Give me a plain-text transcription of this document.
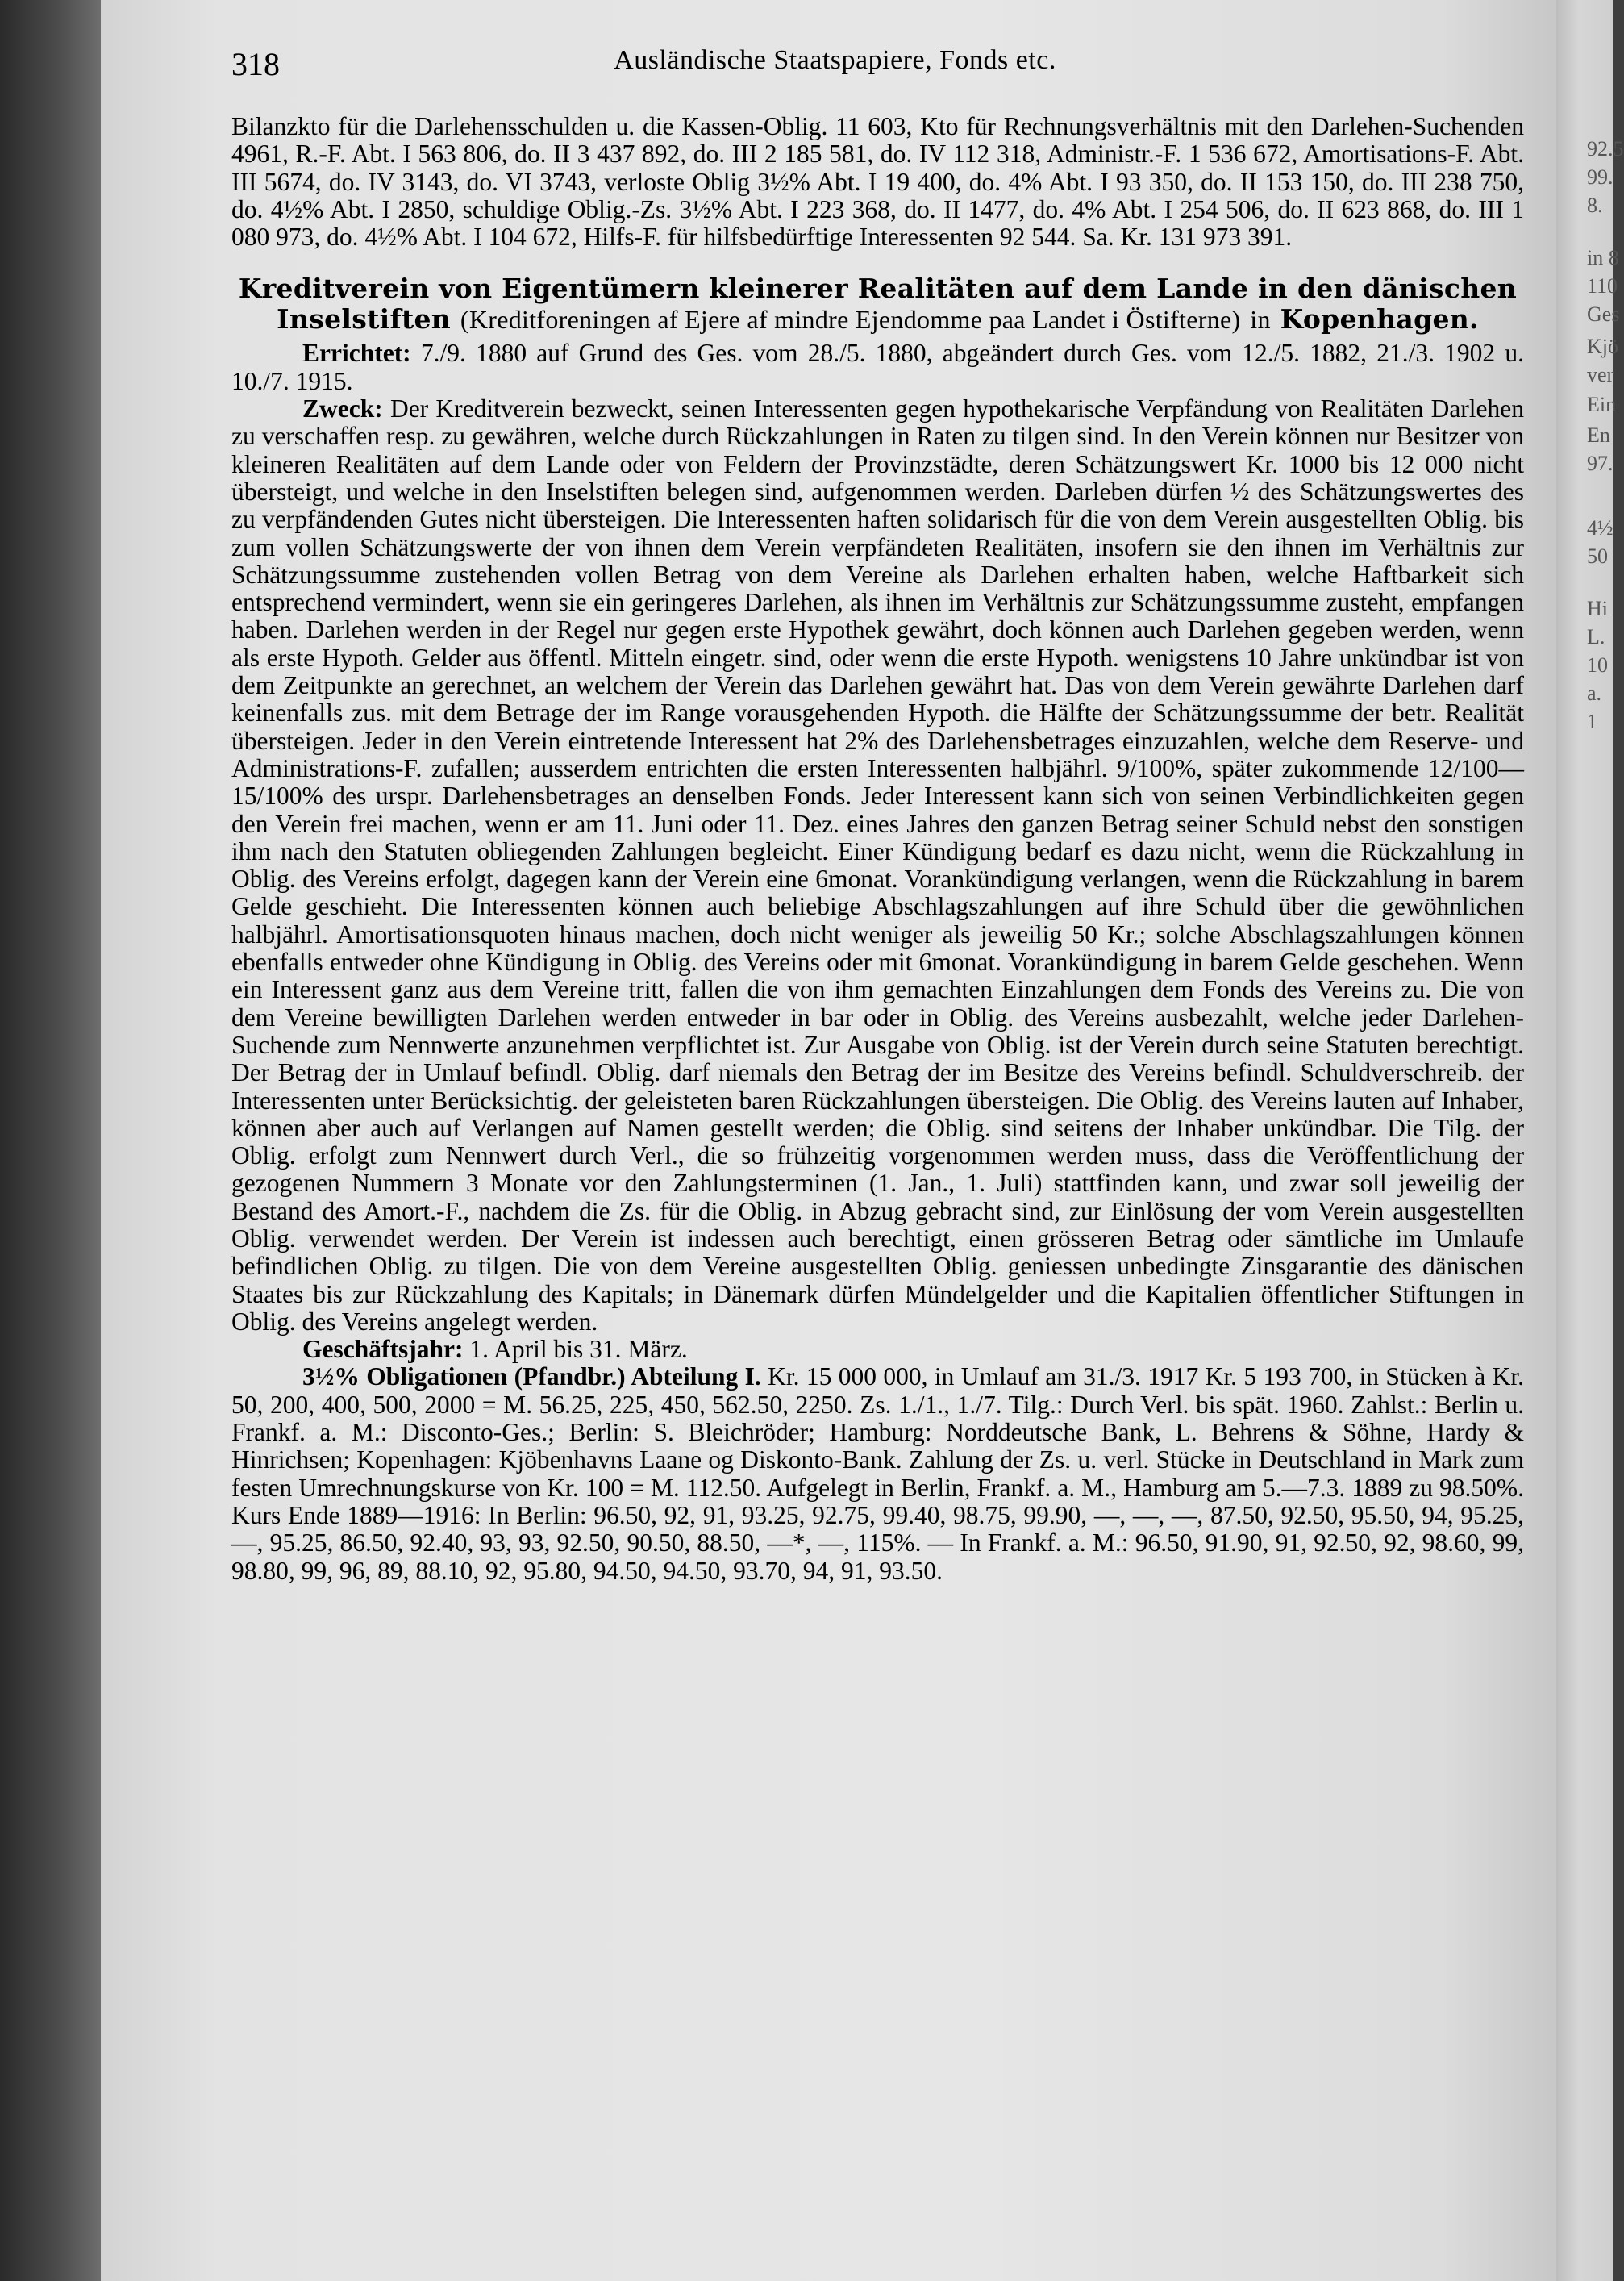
92.5
99.
8.
in 8
110
Ges
Kjö
ver
Ein
En
97.
4½
50
Hi
L.
10
a.
1
318	Ausländische Staatspapiere, Fonds etc.

Bilanzkto für die Darlehensschulden u. die Kassen-Oblig. 11 603, Kto für Rechnungsverhältnis mit den Darlehen-Suchenden 4961, R.-F. Abt. I 563 806, do. II 3 437 892, do. III 2 185 581, do. IV 112 318, Administr.-F. 1 536 672, Amortisations-F. Abt. III 5674, do. IV 3143, do. VI 3743, verloste Oblig 3½% Abt. I 19 400, do. 4% Abt. I 93 350, do. II 153 150, do. III 238 750, do. 4½% Abt. I 2850, schuldige Oblig.-Zs. 3½% Abt. I 223 368, do. II 1477, do. 4% Abt. I 254 506, do. II 623 868, do. III 1 080 973, do. 4½% Abt. I 104 672, Hilfs-F. für hilfsbedürftige Interessenten 92 544. Sa. Kr. 131 973 391.

Kreditverein von Eigentümern kleinerer Realitäten auf dem Lande in den dänischen Inselstiften (Kreditforeningen af Ejere af mindre Ejendomme paa Landet i Östifterne) in Kopenhagen.

Errichtet: 7./9. 1880 auf Grund des Ges. vom 28./5. 1880, abgeändert durch Ges. vom 12./5. 1882, 21./3. 1902 u. 10./7. 1915.

Zweck: Der Kreditverein bezweckt, seinen Interessenten gegen hypothekarische Verpfändung von Realitäten Darlehen zu verschaffen resp. zu gewähren, welche durch Rückzahlungen in Raten zu tilgen sind. In den Verein können nur Besitzer von kleineren Realitäten auf dem Lande oder von Feldern der Provinzstädte, deren Schätzungswert Kr. 1000 bis 12 000 nicht übersteigt, und welche in den Inselstiften belegen sind, aufgenommen werden. Darleben dürfen ½ des Schätzungswertes des zu verpfändenden Gutes nicht übersteigen. Die Interessenten haften solidarisch für die von dem Verein ausgestellten Oblig. bis zum vollen Schätzungswerte der von ihnen dem Verein verpfändeten Realitäten, insofern sie den ihnen im Verhältnis zur Schätzungssumme zustehenden vollen Betrag von dem Vereine als Darlehen erhalten haben, welche Haftbarkeit sich entsprechend vermindert, wenn sie ein geringeres Darlehen, als ihnen im Verhältnis zur Schätzungssumme zusteht, empfangen haben. Darlehen werden in der Regel nur gegen erste Hypothek gewährt, doch können auch Darlehen gegeben werden, wenn als erste Hypoth. Gelder aus öffentl. Mitteln eingetr. sind, oder wenn die erste Hypoth. wenigstens 10 Jahre unkündbar ist von dem Zeitpunkte an gerechnet, an welchem der Verein das Darlehen gewährt hat. Das von dem Verein gewährte Darlehen darf keinenfalls zus. mit dem Betrage der im Range vorausgehenden Hypoth. die Hälfte der Schätzungssumme der betr. Realität übersteigen. Jeder in den Verein eintretende Interessent hat 2% des Darlehensbetrages einzuzahlen, welche dem Reserve- und Administrations-F. zufallen; ausserdem entrichten die ersten Interessenten halbjährl. 9/100%, später zukommende 12/100—15/100% des urspr. Darlehensbetrages an denselben Fonds. Jeder Interessent kann sich von seinen Verbindlichkeiten gegen den Verein frei machen, wenn er am 11. Juni oder 11. Dez. eines Jahres den ganzen Betrag seiner Schuld nebst den sonstigen ihm nach den Statuten obliegenden Zahlungen begleicht. Einer Kündigung bedarf es dazu nicht, wenn die Rückzahlung in Oblig. des Vereins erfolgt, dagegen kann der Verein eine 6monat. Vorankündigung verlangen, wenn die Rückzahlung in barem Gelde geschieht. Die Interessenten können auch beliebige Abschlagszahlungen auf ihre Schuld über die gewöhnlichen halbjährl. Amortisationsquoten hinaus machen, doch nicht weniger als jeweilig 50 Kr.; solche Abschlagszahlungen können ebenfalls entweder ohne Kündigung in Oblig. des Vereins oder mit 6monat. Vorankündigung in barem Gelde geschehen. Wenn ein Interessent ganz aus dem Vereine tritt, fallen die von ihm gemachten Einzahlungen dem Fonds des Vereins zu. Die von dem Vereine bewilligten Darlehen werden entweder in bar oder in Oblig. des Vereins ausbezahlt, welche jeder Darlehen-Suchende zum Nennwerte anzunehmen verpflichtet ist. Zur Ausgabe von Oblig. ist der Verein durch seine Statuten berechtigt. Der Betrag der in Umlauf befindl. Oblig. darf niemals den Betrag der im Besitze des Vereins befindl. Schuldverschreib. der Interessenten unter Berücksichtig. der geleisteten baren Rückzahlungen übersteigen. Die Oblig. des Vereins lauten auf Inhaber, können aber auch auf Verlangen auf Namen gestellt werden; die Oblig. sind seitens der Inhaber unkündbar. Die Tilg. der Oblig. erfolgt zum Nennwert durch Verl., die so frühzeitig vorgenommen werden muss, dass die Veröffentlichung der gezogenen Nummern 3 Monate vor den Zahlungsterminen (1. Jan., 1. Juli) stattfinden kann, und zwar soll jeweilig der Bestand des Amort.-F., nachdem die Zs. für die Oblig. in Abzug gebracht sind, zur Einlösung der vom Verein ausgestellten Oblig. verwendet werden. Der Verein ist indessen auch berechtigt, einen grösseren Betrag oder sämtliche im Umlaufe befindlichen Oblig. zu tilgen. Die von dem Vereine ausgestellten Oblig. geniessen unbedingte Zinsgarantie des dänischen Staates bis zur Rückzahlung des Kapitals; in Dänemark dürfen Mündelgelder und die Kapitalien öffentlicher Stiftungen in Oblig. des Vereins angelegt werden.

Geschäftsjahr: 1. April bis 31. März.

3½% Obligationen (Pfandbr.) Abteilung I. Kr. 15 000 000, in Umlauf am 31./3. 1917 Kr. 5 193 700, in Stücken à Kr. 50, 200, 400, 500, 2000 = M. 56.25, 225, 450, 562.50, 2250. Zs. 1./1., 1./7. Tilg.: Durch Verl. bis spät. 1960. Zahlst.: Berlin u. Frankf. a. M.: Disconto-Ges.; Berlin: S. Bleichröder; Hamburg: Norddeutsche Bank, L. Behrens & Söhne, Hardy & Hinrichsen; Kopenhagen: Kjöbenhavns Laane og Diskonto-Bank. Zahlung der Zs. u. verl. Stücke in Deutschland in Mark zum festen Umrechnungskurse von Kr. 100 = M. 112.50. Aufgelegt in Berlin, Frankf. a. M., Hamburg am 5.—7.3. 1889 zu 98.50%. Kurs Ende 1889—1916: In Berlin: 96.50, 92, 91, 93.25, 92.75, 99.40, 98.75, 99.90, —, —, —, 87.50, 92.50, 95.50, 94, 95.25, —, 95.25, 86.50, 92.40, 93, 93, 92.50, 90.50, 88.50, —*, —, 115%. — In Frankf. a. M.: 96.50, 91.90, 91, 92.50, 92, 98.60, 99, 98.80, 99, 96, 89, 88.10, 92, 95.80, 94.50, 94.50, 93.70, 94, 91, 93.50.
